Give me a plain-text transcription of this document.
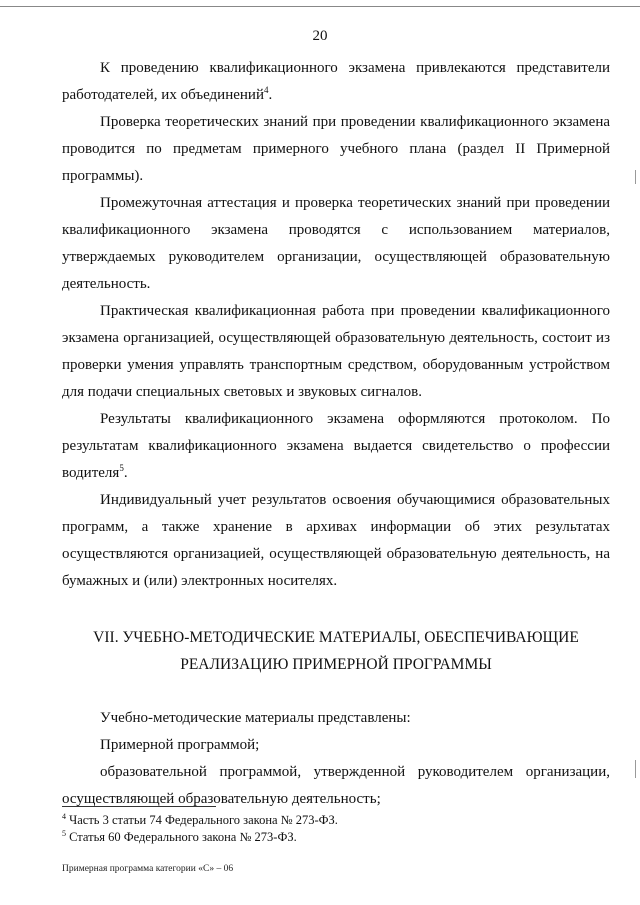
20

К проведению квалификационного экзамена привлекаются представители работодателей, их объединений$^4$.

Проверка теоретических знаний при проведении квалификационного экзамена проводится по предметам примерного учебного плана (раздел II Примерной программы).

Промежуточная аттестация и проверка теоретических знаний при проведении квалификационного экзамена проводятся с использованием материалов, утверждаемых руководителем организации, осуществляющей образовательную деятельность.

Практическая квалификационная работа при проведении квалификационного экзамена организацией, осуществляющей образовательную деятельность, состоит из проверки умения управлять транспортным средством, оборудованным устройством для подачи специальных световых и звуковых сигналов.

Результаты квалификационного экзамена оформляются протоколом. По результатам квалификационного экзамена выдается свидетельство о профессии водителя$^5$.

Индивидуальный учет результатов освоения обучающимися образовательных программ, а также хранение в архивах информации об этих результатах осуществляются организацией, осуществляющей образовательную деятельность, на бумажных и (или) электронных носителях.

VII. УЧЕБНО-МЕТОДИЧЕСКИЕ МАТЕРИАЛЫ, ОБЕСПЕЧИВАЮЩИЕ
РЕАЛИЗАЦИЮ ПРИМЕРНОЙ ПРОГРАММЫ

Учебно-методические материалы представлены:

Примерной программой;

образовательной программой, утвержденной руководителем организации, осуществляющей образовательную деятельность;

$^4$ Часть 3 статьи 74 Федерального закона № 273-ФЗ.
$^5$ Статья 60 Федерального закона № 273-ФЗ.
Примерная программа категории «C» – 06
